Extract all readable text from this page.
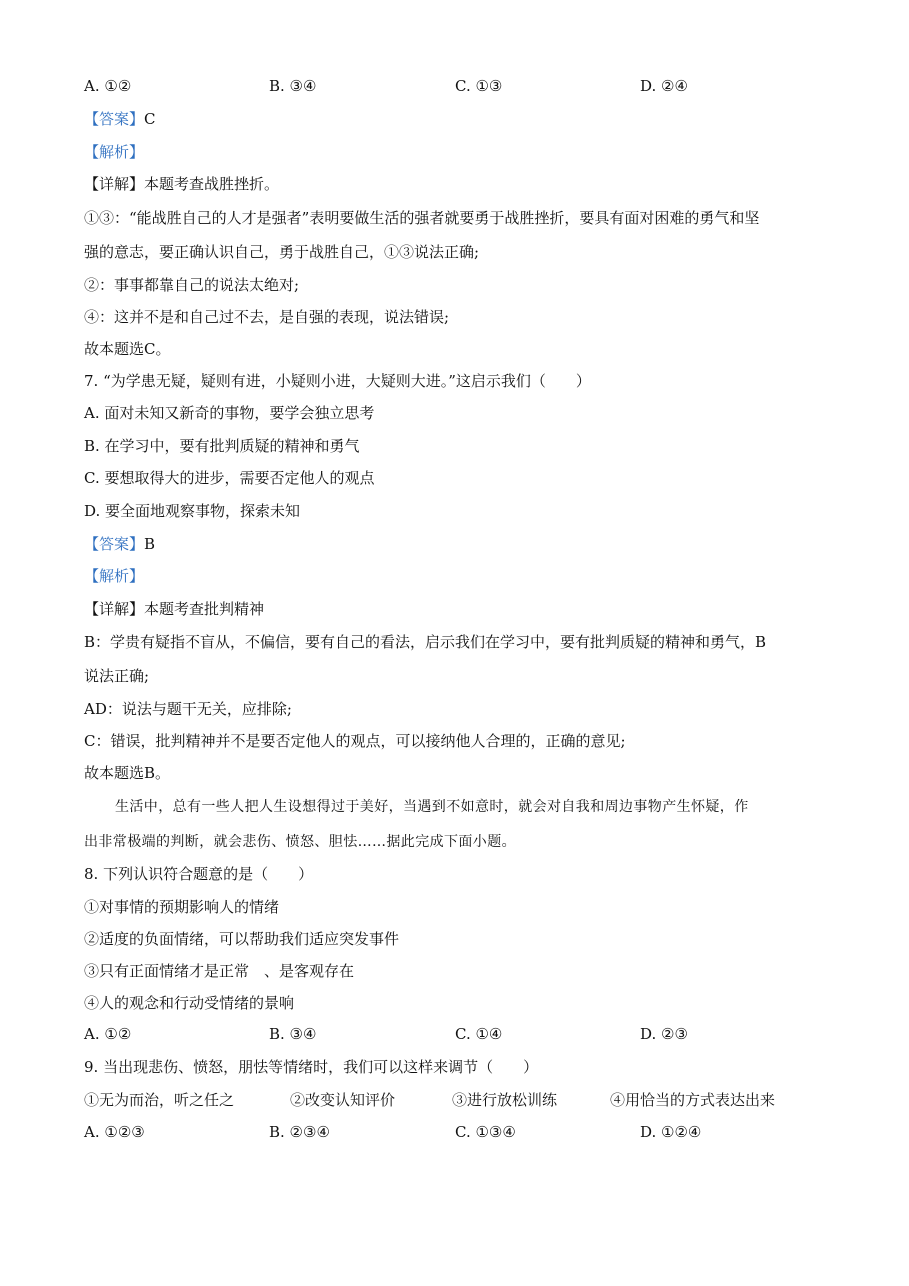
A. ①②	B. ③④	C. ①③	D. ②④
【答案】C
【解析】
【详解】本题考查战胜挫折。
①③：“能战胜自己的人才是强者”表明要做生活的强者就要勇于战胜挫折，要具有面对困难的勇气和坚
强的意志，要正确认识自己，勇于战胜自己，①③说法正确;
②：事事都靠自己的说法太绝对;
④：这并不是和自己过不去，是自强的表现，说法错误;
故本题选C。
7. “为学患无疑，疑则有进，小疑则小进，大疑则大进。”这启示我们（　　）
A. 面对未知又新奇的事物，要学会独立思考
B. 在学习中，要有批判质疑的精神和勇气
C. 要想取得大的进步，需要否定他人的观点
D. 要全面地观察事物，探索未知
【答案】B
【解析】
【详解】本题考查批判精神
B：学贵有疑指不盲从，不偏信，要有自己的看法，启示我们在学习中，要有批判质疑的精神和勇气，B
说法正确;
AD：说法与题干无关，应排除;
C：错误，批判精神并不是要否定他人的观点，可以接纳他人合理的，正确的意见;
故本题选B。
生活中，总有一些人把人生设想得过于美好，当遇到不如意时，就会对自我和周边事物产生怀疑，作
出非常极端的判断，就会悲伤、愤怒、胆怯……据此完成下面小题。
8. 下列认识符合题意的是（　　）
①对事情的预期影响人的情绪
②适度的负面情绪，可以帮助我们适应突发事件
③只有正面情绪才是正常　、是客观存在
④人的观念和行动受情绪的景响
A. ①②	B. ③④	C. ①④	D. ②③
9. 当出现悲伤、愤怒，朋怯等情绪时，我们可以这样来调节（　　）
①无为而治，听之任之	②改变认知评价	③进行放松训练	④用恰当的方式表达出来
A. ①②③	B. ②③④	C. ①③④	D. ①②④
